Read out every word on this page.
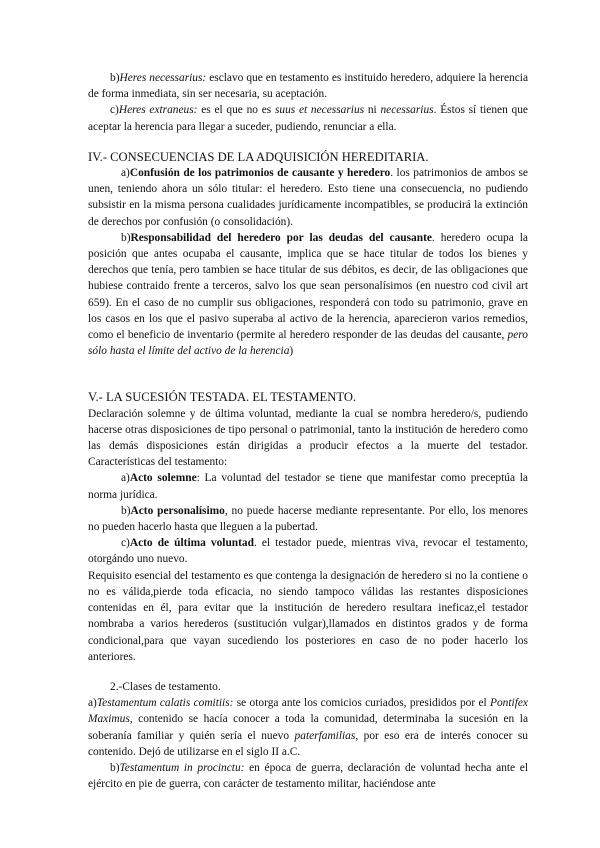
b)Heres necessarius: esclavo que en testamento es instituido heredero, adquiere la herencia de forma inmediata, sin ser necesaria, su aceptación.

c)Heres extraneus: es el que no es suus et necessarius ni necessarius. Éstos sí tienen que aceptar la herencia para llegar a suceder, pudiendo, renunciar a ella.

IV.- CONSECUENCIAS DE LA ADQUISICIÓN HEREDITARIA.

a)Confusión de los patrimonios de causante y heredero. los patrimonios de ambos se unen, teniendo ahora un sólo titular: el heredero. Esto tiene una consecuencia, no pudiendo subsistir en la misma persona cualidades jurídicamente incompatibles, se producirá la extinción de derechos por confusión (o consolidación).

b)Responsabilidad del heredero por las deudas del causante. heredero ocupa la posición que antes ocupaba el causante, implica que se hace titular de todos los bienes y derechos que tenía, pero tambien se hace titular de sus débitos, es decir, de las obligaciones que hubiese contraido frente a terceros, salvo los que sean personalísimos (en nuestro cod civil art 659). En el caso de no cumplir sus obligaciones, responderá con todo su patrimonio, grave en los casos en los que el pasivo superaba al activo de la herencia, aparecieron varios remedios, como el beneficio de inventario (permite al heredero responder de las deudas del causante, pero sólo hasta el límite del activo de la herencia)

V.- LA SUCESIÓN TESTADA. EL TESTAMENTO.

Declaración solemne y de última voluntad, mediante la cual se nombra heredero/s, pudiendo hacerse otras disposiciones de tipo personal o patrimonial, tanto la institución de heredero como las demás disposiciones están dirigidas a producir efectos a la muerte del testador. Características del testamento:

a)Acto solemne: La voluntad del testador se tiene que manifestar como preceptúa la norma jurídica.

b)Acto personalísimo, no puede hacerse mediante representante. Por ello, los menores no pueden hacerlo hasta que lleguen a la pubertad.

c)Acto de última voluntad. el testador puede, mientras viva, revocar el testamento, otorgándo uno nuevo.

Requisito esencial del testamento es que contenga la designación de heredero si no la contiene o no es válida,pierde toda eficacia, no siendo tampoco válidas las restantes disposiciones contenidas en él, para evitar que la institución de heredero resultara ineficaz,el testador nombraba a varios herederos (sustitución vulgar),llamados en distintos grados y de forma condicional,para que vayan sucediendo los posteriores en caso de no poder hacerlo los anteriores.

2.-Clases de testamento.

a)Testamentum calatis comitiis: se otorga ante los comicios curiados, presididos por el Pontifex Maximus, contenido se hacía conocer a toda la comunidad, determinaba la sucesión en la soberanía familiar y quién sería el nuevo paterfamilias, por eso era de interés conocer su contenido. Dejó de utilizarse en el siglo II a.C.

b)Testamentum in procinctu: en época de guerra, declaración de voluntad hecha ante el ejército en pie de guerra, con carácter de testamento militar, haciéndose ante
